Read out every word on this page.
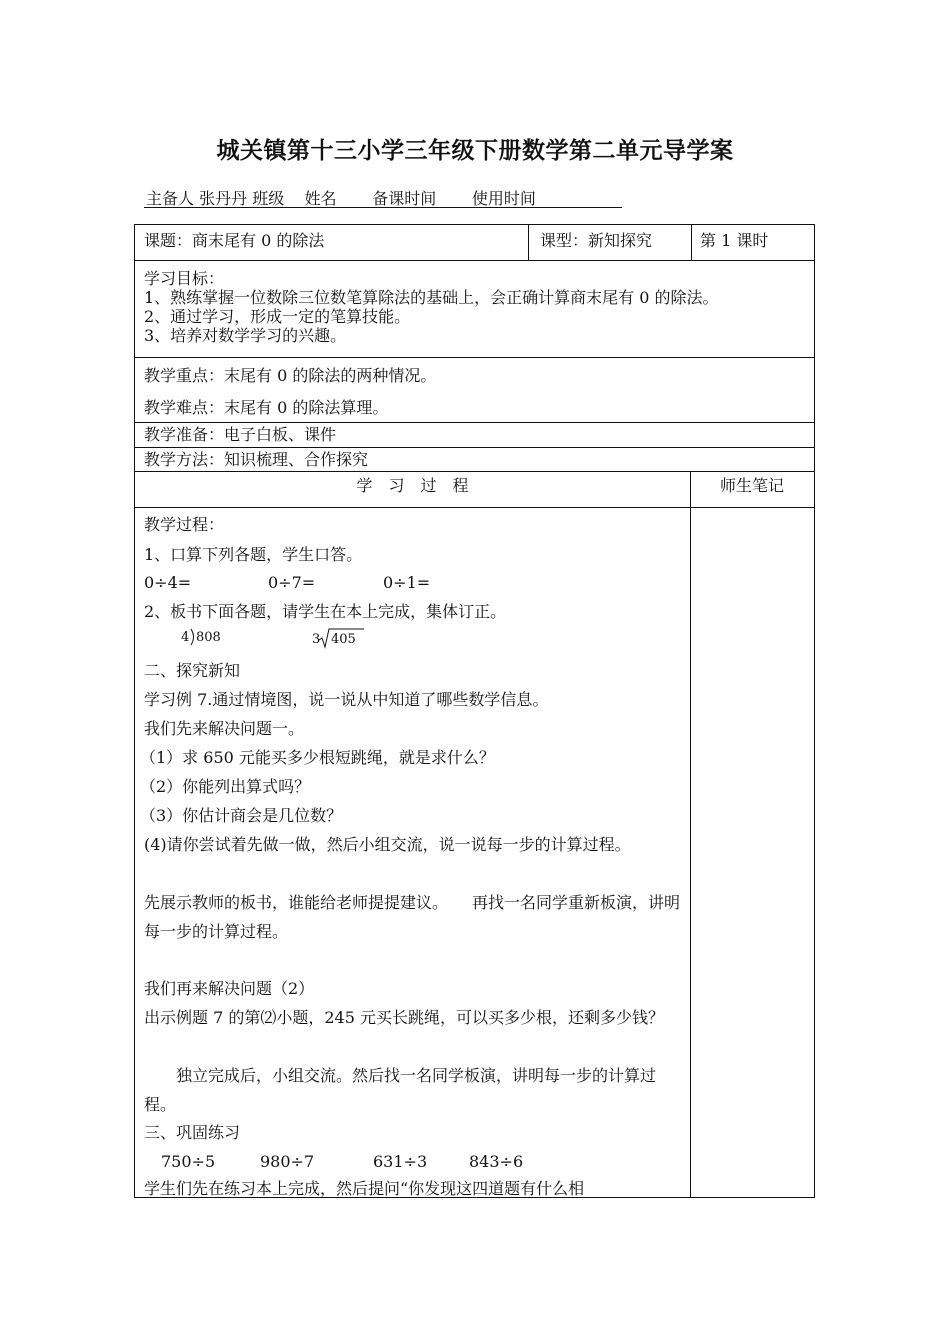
城关镇第十三小学三年级下册数学第二单元导学案
主备人 张丹丹 班级 姓名 备课时间 使用时间
课题：商末尾有 0 的除法	课型：新知探究	第 1 课时
学习目标：
1、熟练掌握一位数除三位数笔算除法的基础上，会正确计算商末尾有 0 的除法。
2、通过学习，形成一定的笔算技能。
3、培养对数学学习的兴趣。
教学重点：末尾有 0 的除法的两种情况。
教学难点：末尾有 0 的除法算理。
教学准备：电子白板、课件
教学方法：知识梳理、合作探究
学　习　过　程	师生笔记
教学过程：
1、口算下列各题，学生口答。
0÷4=	0÷7=	0÷1=
2、板书下面各题，请学生在本上完成，集体订正。
4 808	3 405
二、探究新知
学习例 7.通过情境图，说一说从中知道了哪些数学信息。
我们先来解决问题一。
（1）求 650 元能买多少根短跳绳，就是求什么？
（2）你能列出算式吗？
（3）你估计商会是几位数？
(4)请你尝试着先做一做，然后小组交流，说一说每一步的计算过程。
先展示教师的板书，谁能给老师提提建议。　　再找一名同学重新板演，讲明每一步的计算过程。
我们再来解决问题（2）
出示例题 7 的第⑵小题，245 元买长跳绳，可以买多少根，还剩多少钱？
　　独立完成后，小组交流。然后找一名同学板演，讲明每一步的计算过程。
三、巩固练习
750÷5	980÷7	631÷3	843÷6
学生们先在练习本上完成，然后提问“你发现这四道题有什么相
